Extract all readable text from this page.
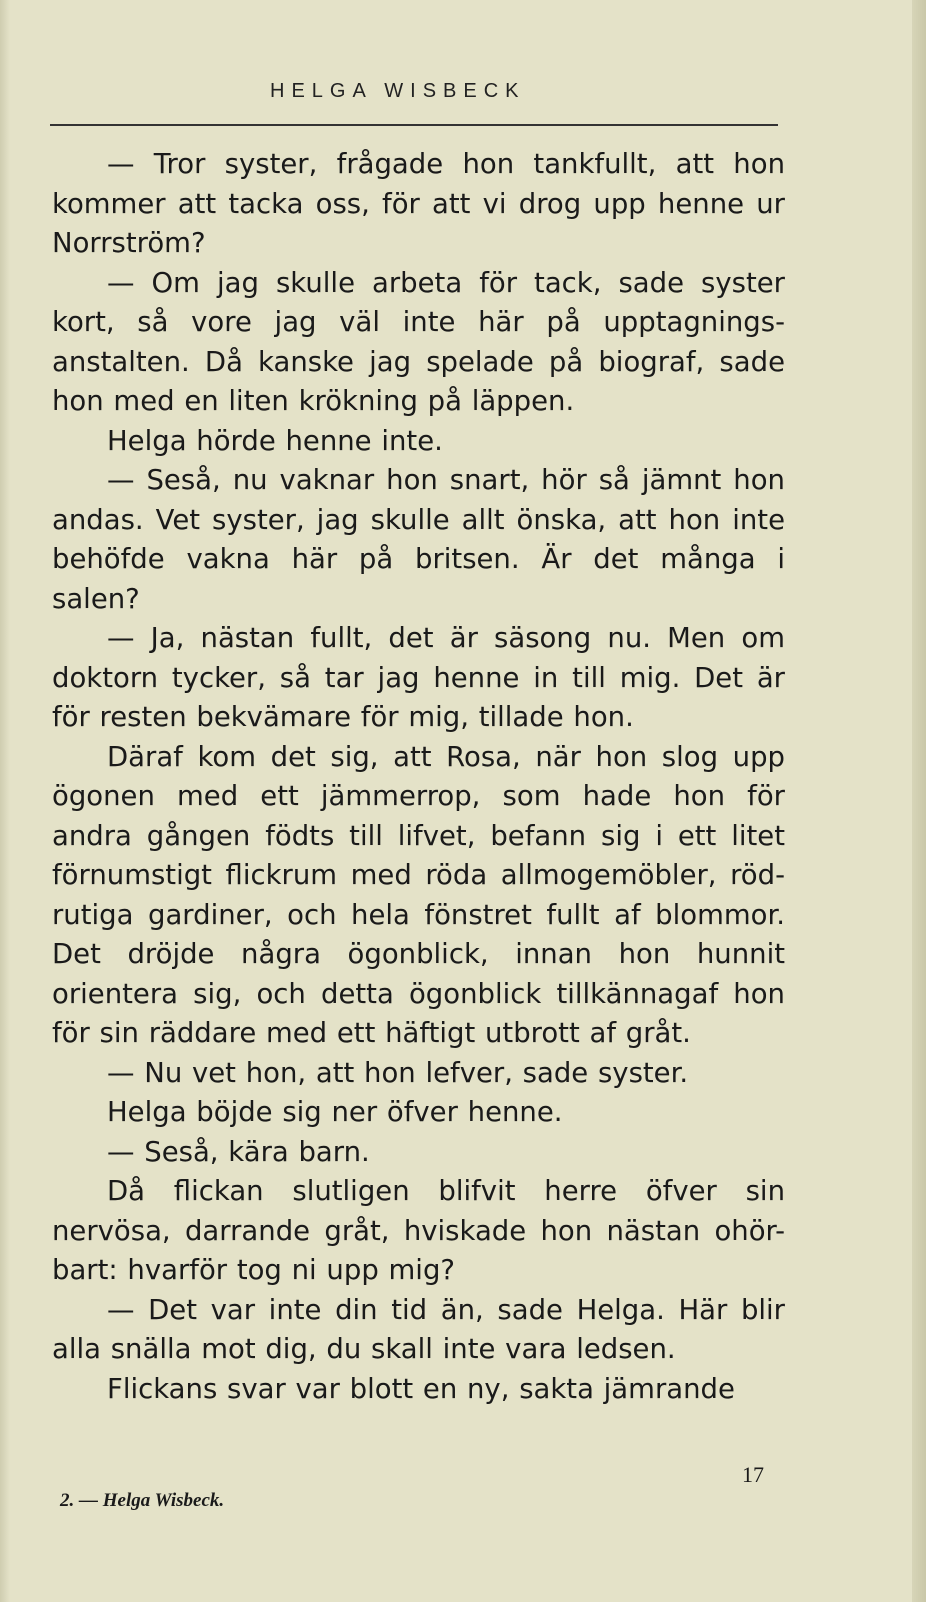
HELGA WISBECK

— Tror syster, frågade hon tankfullt, att hon kommer att tacka oss, för att vi drog upp henne ur Norrström?

— Om jag skulle arbeta för tack, sade syster kort, så vore jag väl inte här på upptagnings-anstalten. Då kanske jag spelade på biograf, sade hon med en liten krökning på läppen.

Helga hörde henne inte.

— Seså, nu vaknar hon snart, hör så jämnt hon andas. Vet syster, jag skulle allt önska, att hon inte behöfde vakna här på britsen. Är det många i salen?

— Ja, nästan fullt, det är säsong nu. Men om doktorn tycker, så tar jag henne in till mig. Det är för resten bekvämare för mig, tillade hon.

Däraf kom det sig, att Rosa, när hon slog upp ögonen med ett jämmerrop, som hade hon för andra gången födts till lifvet, befann sig i ett litet förnumstigt flickrum med röda allmogemöbler, röd-rutiga gardiner, och hela fönstret fullt af blommor. Det dröjde några ögonblick, innan hon hunnit orientera sig, och detta ögonblick tillkännagaf hon för sin räddare med ett häftigt utbrott af gråt.

— Nu vet hon, att hon lefver, sade syster.

Helga böjde sig ner öfver henne.

— Seså, kära barn.

Då flickan slutligen blifvit herre öfver sin nervösa, darrande gråt, hviskade hon nästan ohör-bart: hvarför tog ni upp mig?

— Det var inte din tid än, sade Helga. Här blir alla snälla mot dig, du skall inte vara ledsen.

Flickans svar var blott en ny, sakta jämrande

17
2. — Helga Wisbeck.
